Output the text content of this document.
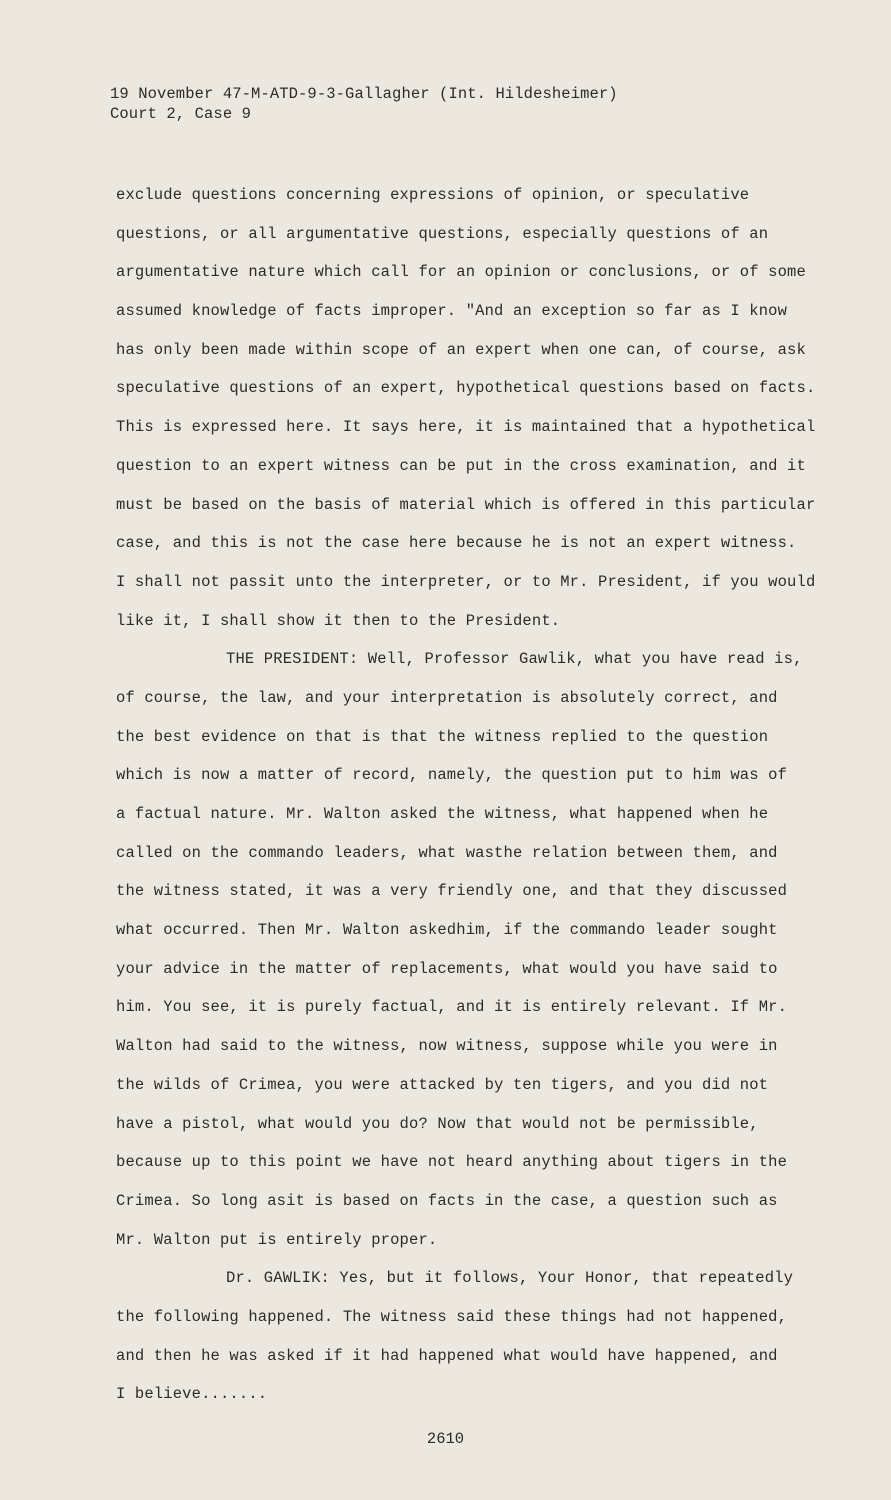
19 November 47-M-ATD-9-3-Gallagher (Int. Hildesheimer)
Court 2, Case 9
exclude questions concerning expressions of opinion, or speculative
questions, or all argumentative questions, especially questions of an
argumentative nature which call for an opinion or conclusions, or of some
assumed knowledge of facts improper. "And an exception so far as I know
has only been made within scope of an expert when one can, of course, ask
speculative questions of an expert, hypothetical questions based on facts.
This is expressed here. It says here, it is maintained that a hypothetical
question to an expert witness can be put in the cross examination, and it
must be based on the basis of material which is offered in this particular
case, and this is not the case here because he is not an expert witness.
I shall not passit unto the interpreter, or to Mr. President, if you would
like it, I shall show it then to the President.
THE PRESIDENT: Well, Professor Gawlik, what you have read is,
of course, the law, and your interpretation is absolutely correct, and
the best evidence on that is that the witness replied to the question
which is now a matter of record, namely, the question put to him was of
a factual nature. Mr. Walton asked the witness, what happened when he
called on the commando leaders, what wasthe relation between them, and
the witness stated, it was a very friendly one, and that they discussed
what occurred. Then Mr. Walton askedhim, if the commando leader sought
your advice in the matter of replacements, what would you have said to
him. You see, it is purely factual, and it is entirely relevant. If Mr.
Walton had said to the witness, now witness, suppose while you were in
the wilds of Crimea, you were attacked by ten tigers, and you did not
have a pistol, what would you do? Now that would not be permissible,
because up to this point we have not heard anything about tigers in the
Crimea. So long asit is based on facts in the case, a question such as
Mr. Walton put is entirely proper.
Dr. GAWLIK: Yes, but it follows, Your Honor, that repeatedly
the following happened. The witness said these things had not happened,
and then he was asked if it had happened what would have happened, and
I believe.......
2610
